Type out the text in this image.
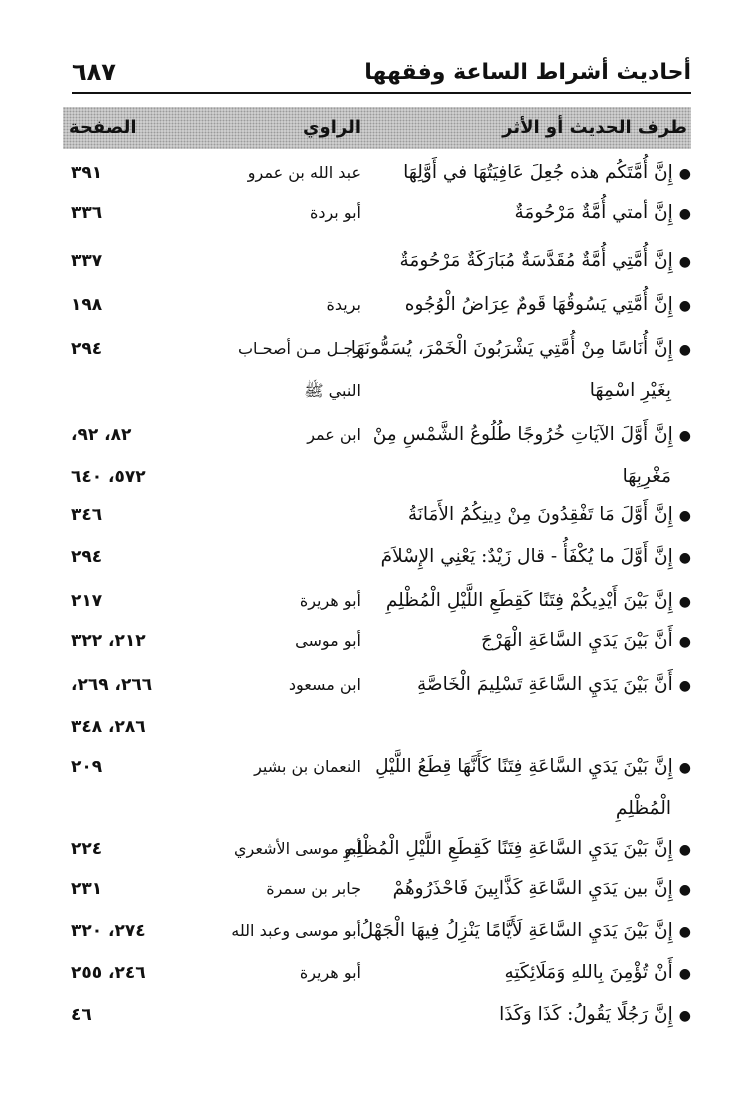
أحاديث أشراط الساعة وفقهها
٦٨٧
طرف الحديث أو الأثر
الراوي
الصفحة
●إِنَّ أُمَّتَكُم هذه جُعِلَ عَافِيَتُهَا في أَوَّلِهَا
عبد الله بن عمرو
٣٩١
●إِنَّ أمتي أُمَّةٌ مَرْحُومَةٌ
أبو بردة
٣٣٦
●إِنَّ أُمَّتِي أُمَّةٌ مُقَدَّسَةٌ مُبَارَكَةٌ مَرْحُومَةٌ
٣٣٧
●إِنَّ أُمَّتِي يَسُوقُهَا قَومٌ عِرَاضُ الْوُجُوه
بريدة
١٩٨
●إِنَّ أُنَاسًا مِنْ أُمَّتِي يَشْرَبُونَ الْخَمْرَ، يُسَمُّونَهَا
بِغَيْرِ اسْمِهَا
رجـل مـن أصحـاب
النبي ﷺ
٢٩٤
●إِنَّ أَوَّلَ الآيَاتِ خُرُوجًا طُلُوعُ الشَّمْسِ مِنْ
مَغْرِبِهَا
ابن عمر
٨٢، ٩٢،
٥٧٢، ٦٤٠
●إِنَّ أَوَّلَ مَا تَفْقِدُونَ مِنْ دِينِكُمُ الأَمَانَةُ
٣٤٦
●إِنَّ أَوَّلَ ما يُكْفَأُ - قال زَيْدٌ: يَعْنِي الإِسْلاَمَ
٢٩٤
●إِنَّ بَيْنَ أَيْدِيكُمْ فِتَنًا كَقِطَعِ اللَّيْلِ الْمُظْلِمِ
أبو هريرة
٢١٧
●أَنَّ بَيْنَ يَدَيِ السَّاعَةِ الْهَرْجَ
أبو موسى
٢١٢، ٣٢٢
●أَنَّ بَيْنَ يَدَيِ السَّاعَةِ تَسْلِيمَ الْخَاصَّةِ
ابن مسعود
٢٦٦، ٢٦٩،
٢٨٦، ٣٤٨
●إِنَّ بَيْنَ يَدَيِ السَّاعَةِ فِتَنًا كَأَنَّهَا قِطَعُ اللَّيْلِ
الْمُظْلِمِ
النعمان بن بشير
٢٠٩
●إِنَّ بَيْنَ يَدَيِ السَّاعَةِ فِتَنًا كَقِطَعِ اللَّيْلِ الْمُظْلِمِ
أبو موسى الأشعري
٢٢٤
●إِنَّ بين يَدَيِ السَّاعَةِ كَذَّابِينَ فَاحْذَرُوهُمْ
جابر بن سمرة
٢٣١
●إِنَّ بَيْنَ يَدَيِ السَّاعَةِ لَأَيَّامًا يَنْزِلُ فِيهَا الْجَهْلُ
أبو موسى وعبد الله
٢٧٤، ٣٢٠
●أَنْ تُؤْمِنَ بِاللهِ وَمَلَائِكَتِهِ
أبو هريرة
٢٤٦، ٢٥٥
●إِنَّ رَجُلًا يَقُولُ: كَذَا وَكَذَا
٤٦
